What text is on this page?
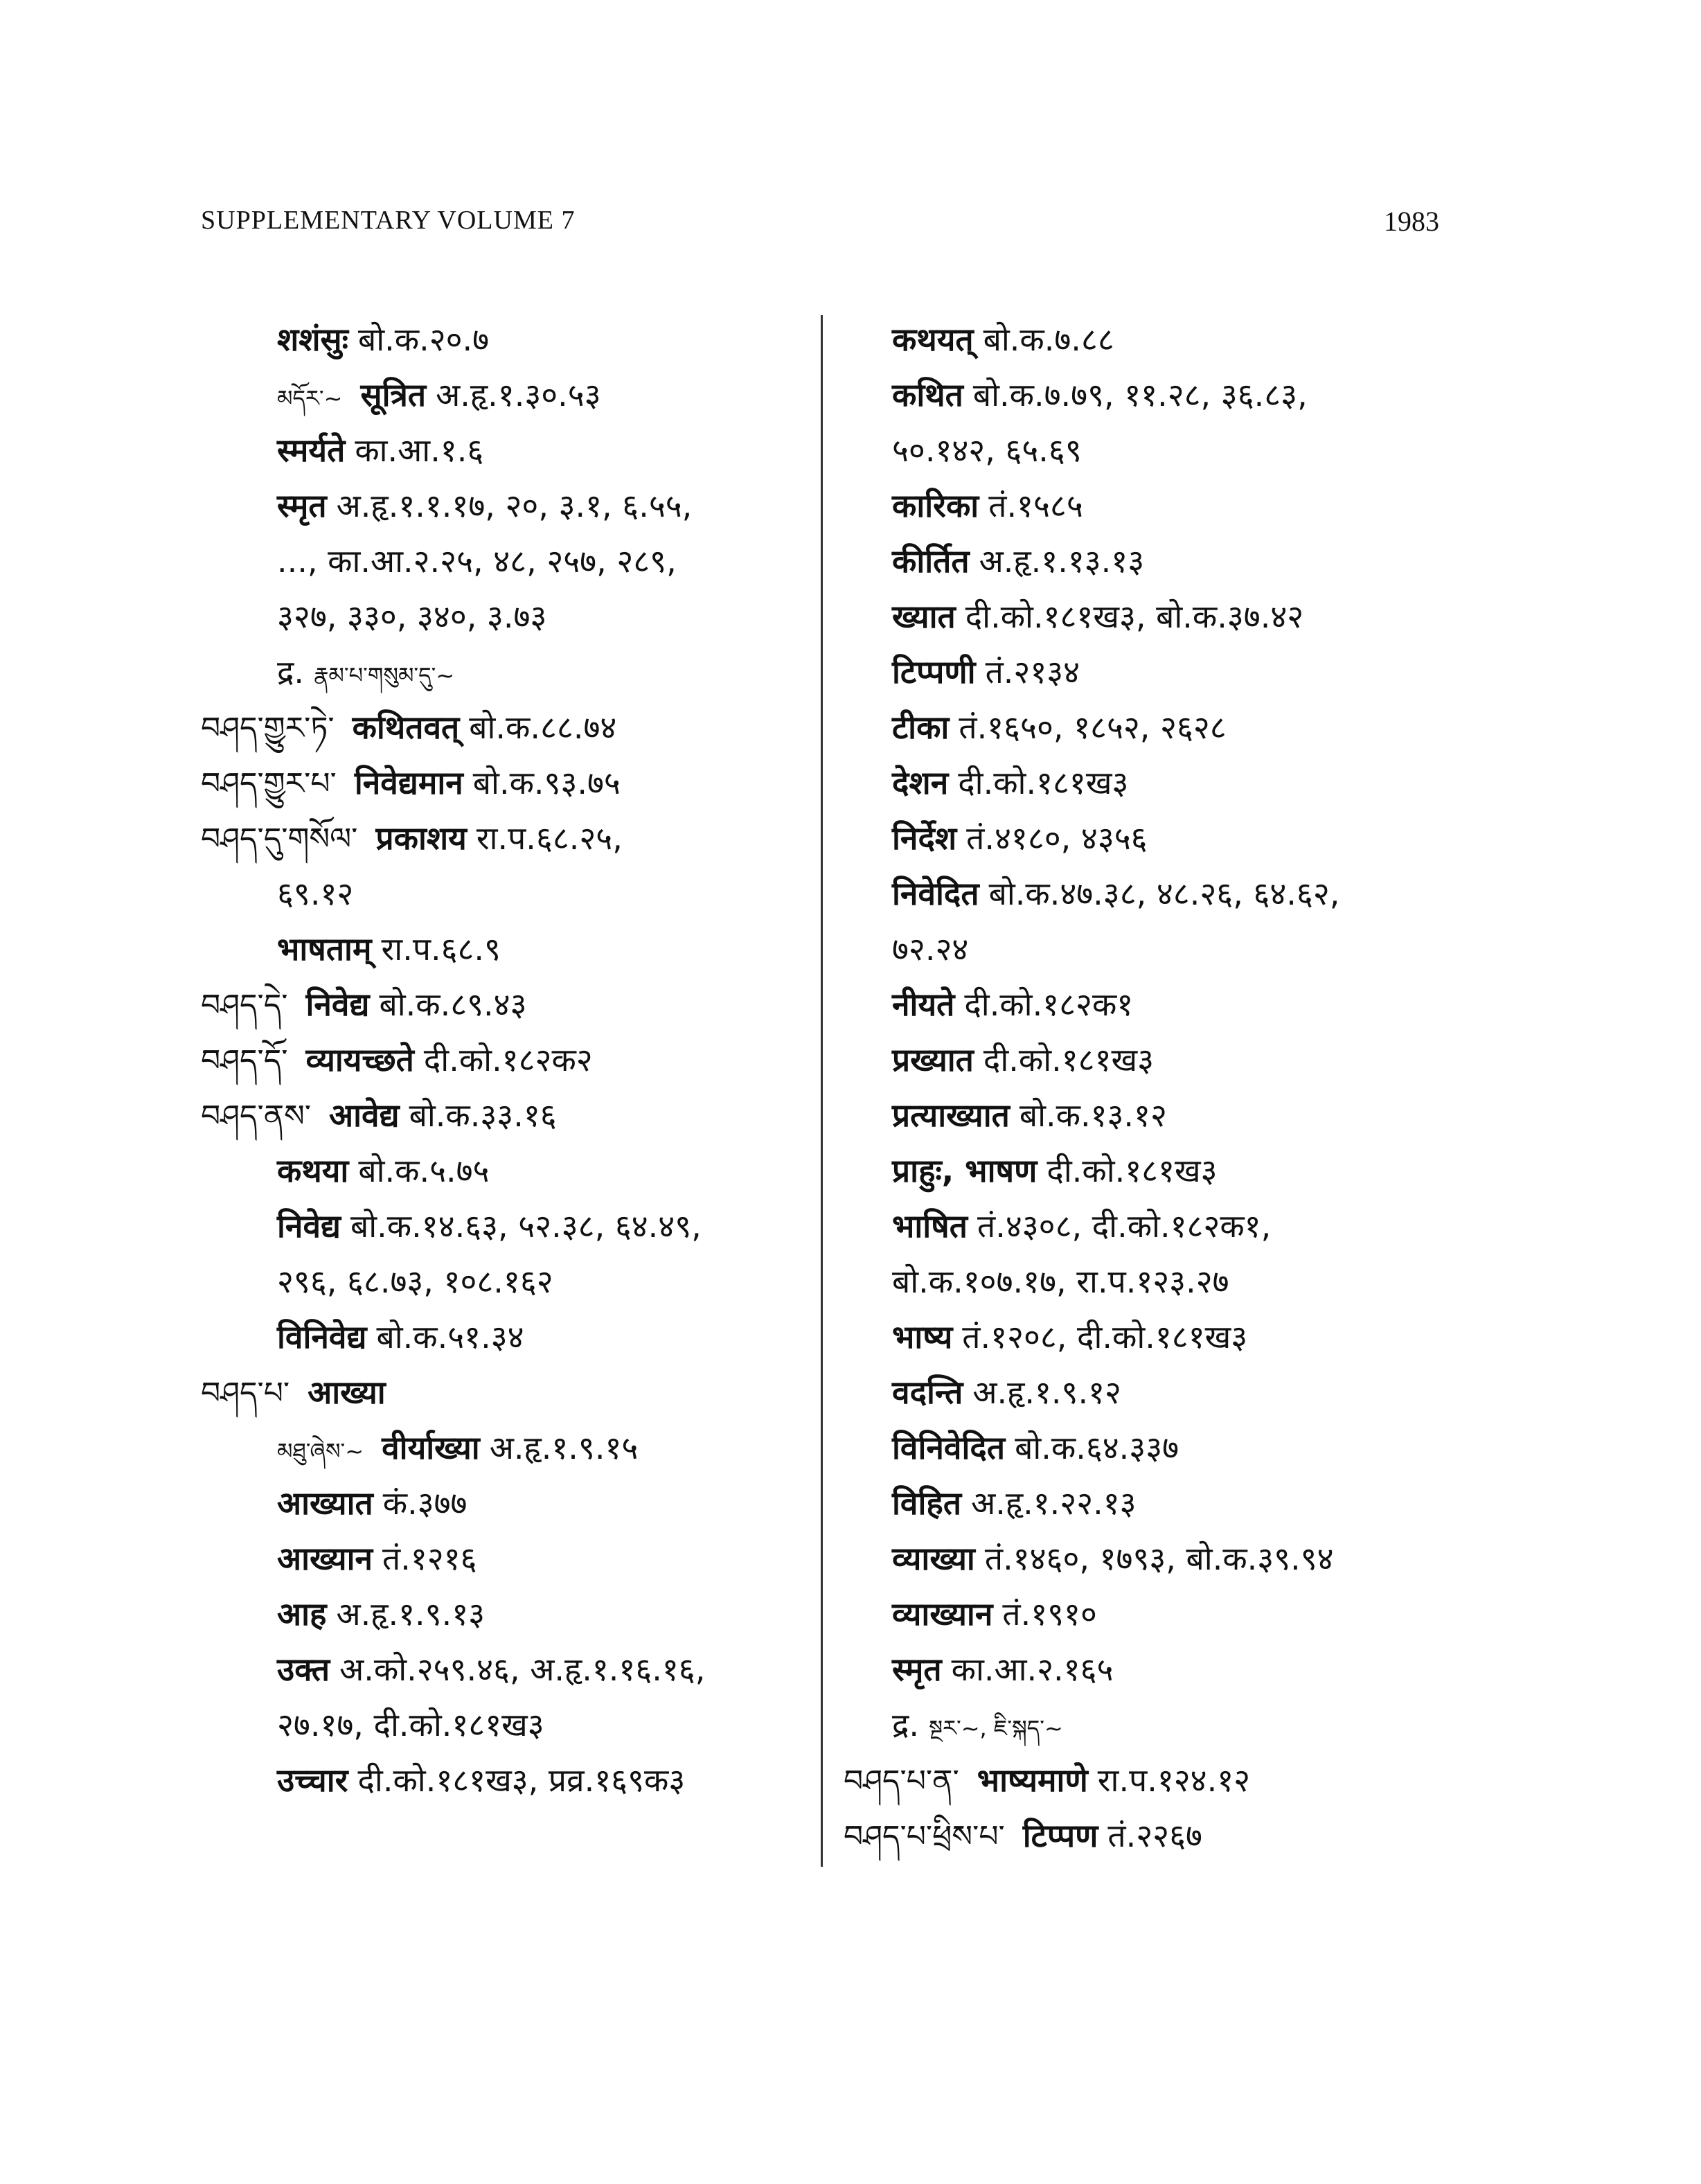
SUPPLEMENTARY VOLUME 7	1983
शशंसुः बो.क.२०.७
མདོར་~ सूत्रित अ.हृ.१.३०.५३
स्मर्यते का.आ.१.६
स्मृत अ.हृ.१.१.१७, २०, ३.१, ६.५५,
..., का.आ.२.२५, ४८, २५७, २८९,
३२७, ३३०, ३४०, ३.७३
द्र. རྣམ་པ་གསུམ་དུ་~
བཤད་གྱུར་ཏེ་ कथितवत् बो.क.८८.७४
བཤད་གྱུར་པ་ निवेद्यमान बो.क.९३.७५
བཤད་དུ་གསོལ་ प्रकाशय रा.प.६८.२५,
६९.१२
भाषताम् रा.प.६८.९
བཤད་དེ་ निवेद्य बो.क.८९.४३
བཤད་དོ་ व्यायच्छते दी.को.१८२क२
བཤད་ནས་ आवेद्य बो.क.३३.१६
कथया बो.क.५.७५
निवेद्य बो.क.१४.६३, ५२.३८, ६४.४९,
२९६, ६८.७३, १०८.१६२
विनिवेद्य बो.क.५१.३४
བཤད་པ་ आख्या
མཐུ་ཞེས་~ वीर्याख्या अ.हृ.१.९.१५
आख्यात कं.३७७
आख्यान तं.१२१६
आह अ.हृ.१.९.१३
उक्त अ.को.२५९.४६, अ.हृ.१.१६.१६,
२७.१७, दी.को.१८१ख३
उच्चार दी.को.१८१ख३, प्रव्र.१६९क३
कथयत् बो.क.७.८८
कथित बो.क.७.७९, ११.२८, ३६.८३,
५०.१४२, ६५.६९
कारिका तं.१५८५
कीर्तित अ.हृ.१.१३.१३
ख्यात दी.को.१८१ख३, बो.क.३७.४२
टिप्पणी तं.२१३४
टीका तं.१६५०, १८५२, २६२८
देशन दी.को.१८१ख३
निर्देश तं.४१८०, ४३५६
निवेदित बो.क.४७.३८, ४८.२६, ६४.६२,
७२.२४
नीयते दी.को.१८२क१
प्रख्यात दी.को.१८१ख३
प्रत्याख्यात बो.क.१३.१२
प्राहुः, भाषण दी.को.१८१ख३
भाषित तं.४३०८, दी.को.१८२क१,
बो.क.१०७.१७, रा.प.१२३.२७
भाष्य तं.१२०८, दी.को.१८१ख३
वदन्ति अ.हृ.१.९.१२
विनिवेदित बो.क.६४.३३७
विहित अ.हृ.१.२२.१३
व्याख्या तं.१४६०, १७९३, बो.क.३९.९४
व्याख्यान तं.१९१०
स्मृत का.आ.२.१६५
द्र. སྔར་~, ཇི་སྐད་~
བཤད་པ་ན་ भाष्यमाणे रा.प.१२४.१२
བཤད་པ་ཕྲིས་པ་ टिप्पण तं.२२६७
